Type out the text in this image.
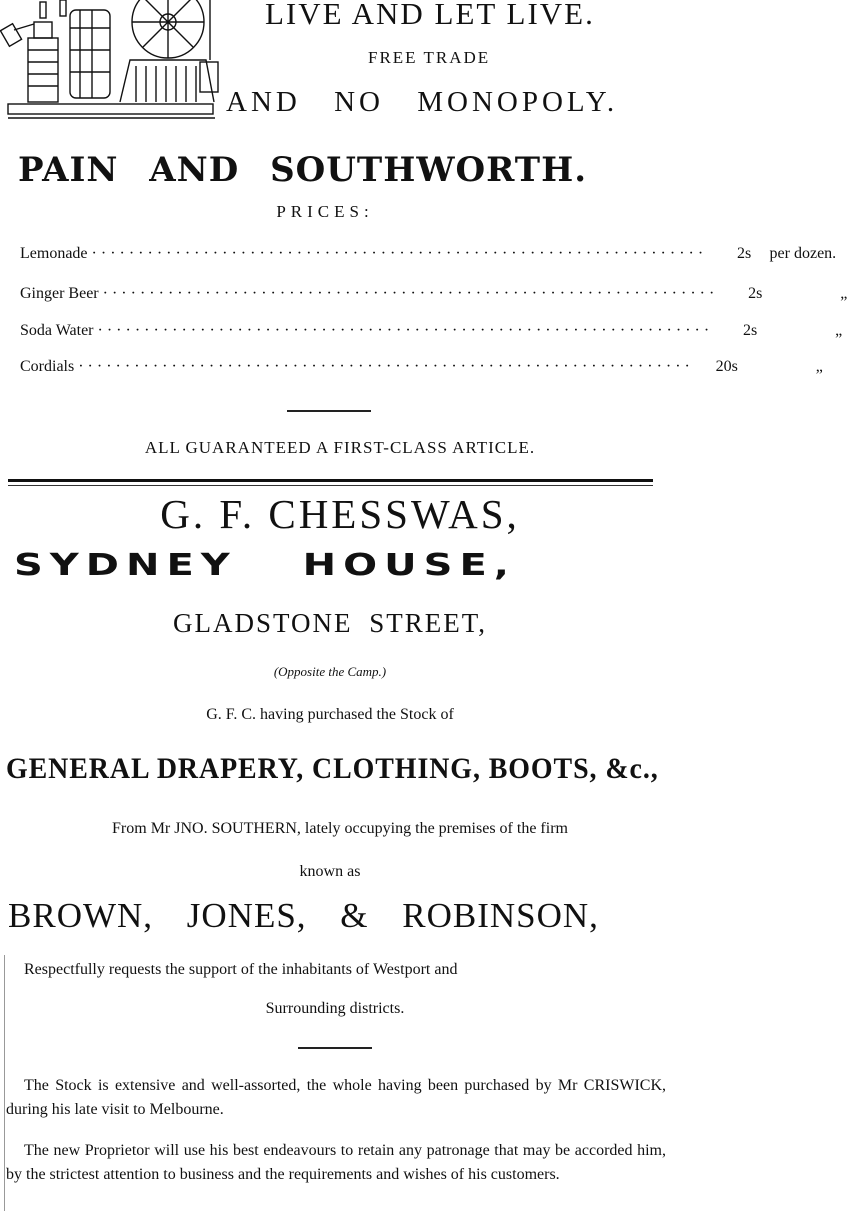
LIVE AND LET LIVE.
FREE TRADE
AND NO MONOPOLY.
PAIN AND SOUTHWORTH.
PRICES:
Lemonade ··································································	2s	per dozen.
Ginger Beer ··································································	2s	„
Soda Water ··································································	2s	„
Cordials ··································································	20s	„
ALL GUARANTEED A FIRST-CLASS ARTICLE.
G. F. CHESSWAS,
SYDNEY HOUSE,
GLADSTONE STREET,
(Opposite the Camp.)
G. F. C. having purchased the Stock of
GENERAL DRAPERY, CLOTHING, BOOTS, &c.,
From Mr JNO. SOUTHERN, lately occupying the premises of the firm
known as
BROWN, JONES, & ROBINSON,
Respectfully requests the support of the inhabitants of Westport and
Surrounding districts.

The Stock is extensive and well-assorted, the whole having been purchased by Mr CRISWICK, during his late visit to Melbourne.

The new Proprietor will use his best endeavours to retain any patronage that may be accorded him, by the strictest attention to business and the requirements and wishes of his customers.
